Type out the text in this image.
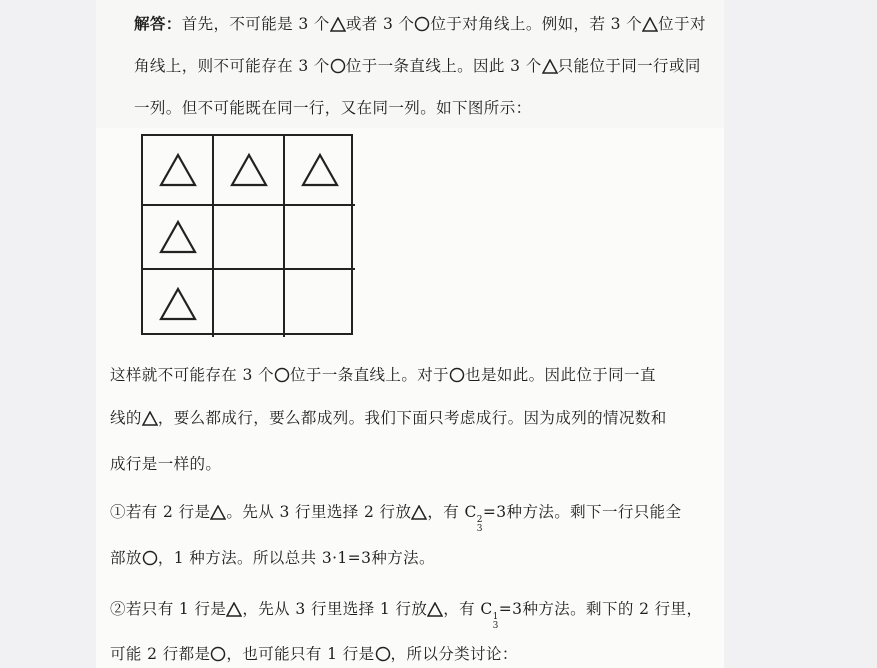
解答：首先，不可能是 3 个 或者 3 个 位于对角线上。例如，若 3 个 位于对
角线上，则不可能存在 3 个 位于一条直线上。因此 3 个 只能位于同一行或同
一列。但不可能既在同一行，又在同一列。如下图所示：
这样就不可能存在 3 个 位于一条直线上。对于 也是如此。因此位于同一直
线的 ，要么都成行，要么都成列。我们下面只考虑成行。因为成列的情况数和
成行是一样的。
①若有 2 行是 。先从 3 行里选择 2 行放 ，有 C 2
3
=3种方法。剩下一行只能全
部放 ，1 种方法。所以总共 3·1=3种方法。
②若只有 1 行是 ，先从 3 行里选择 1 行放 ，有 C 1
3
=3种方法。剩下的 2 行里，
可能 2 行都是 ，也可能只有 1 行是 ，所以分类讨论：
